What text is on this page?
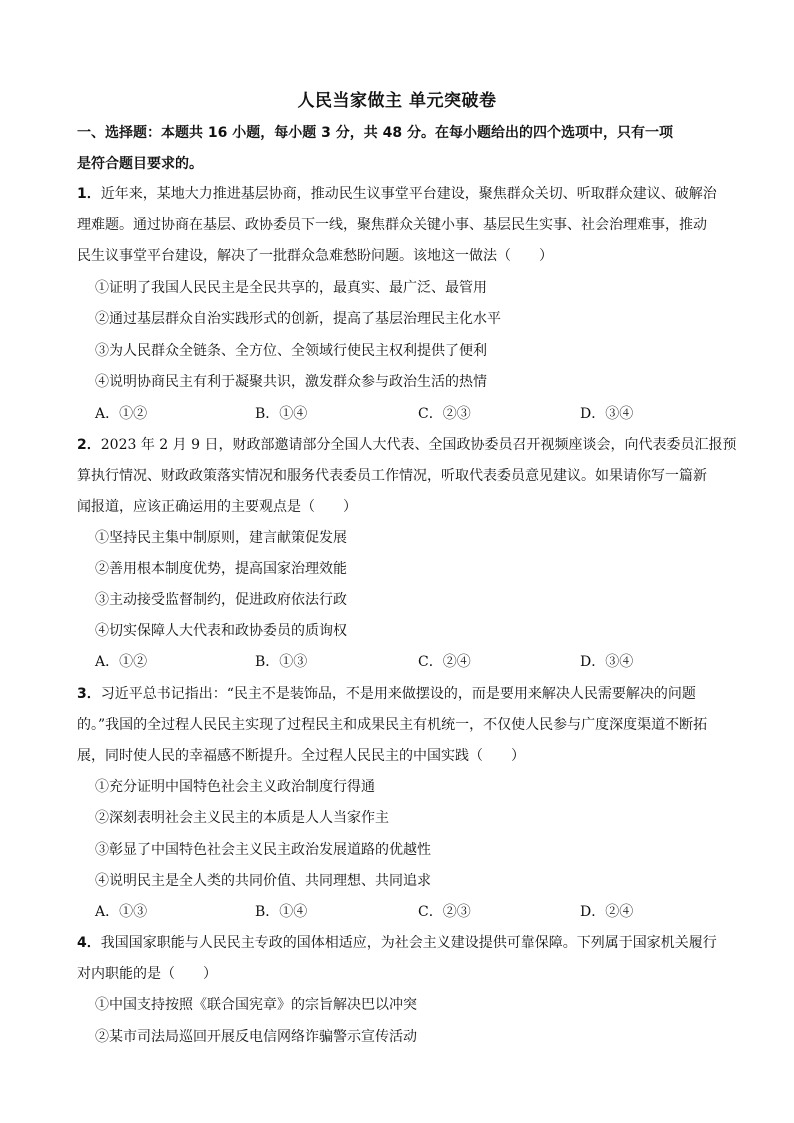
人民当家做主 单元突破卷
一、选择题：本题共 16 小题，每小题 3 分，共 48 分。在每小题给出的四个选项中，只有一项
是符合题目要求的。
1．近年来，某地大力推进基层协商，推动民生议事堂平台建设，聚焦群众关切、听取群众建议、破解治
理难题。通过协商在基层、政协委员下一线，聚焦群众关键小事、基层民生实事、社会治理难事，推动
民生议事堂平台建设，解决了一批群众急难愁盼问题。该地这一做法（　　）
①证明了我国人民民主是全民共享的，最真实、最广泛、最管用
②通过基层群众自治实践形式的创新，提高了基层治理民主化水平
③为人民群众全链条、全方位、全领域行使民主权利提供了便利
④说明协商民主有利于凝聚共识，激发群众参与政治生活的热情
A．①②	B．①④	C．②③	D．③④
2．2023 年 2 月 9 日，财政部邀请部分全国人大代表、全国政协委员召开视频座谈会，向代表委员汇报预
算执行情况、财政政策落实情况和服务代表委员工作情况，听取代表委员意见建议。如果请你写一篇新
闻报道，应该正确运用的主要观点是（　　）
①坚持民主集中制原则，建言献策促发展
②善用根本制度优势，提高国家治理效能
③主动接受监督制约，促进政府依法行政
④切实保障人大代表和政协委员的质询权
A．①②	B．①③	C．②④	D．③④
3．习近平总书记指出：“民主不是装饰品，不是用来做摆设的，而是要用来解决人民需要解决的问题
的。”我国的全过程人民民主实现了过程民主和成果民主有机统一，不仅使人民参与广度深度渠道不断拓
展，同时使人民的幸福感不断提升。全过程人民民主的中国实践（　　）
①充分证明中国特色社会主义政治制度行得通
②深刻表明社会主义民主的本质是人人当家作主
③彰显了中国特色社会主义民主政治发展道路的优越性
④说明民主是全人类的共同价值、共同理想、共同追求
A．①③	B．①④	C．②③	D．②④
4．我国国家职能与人民民主专政的国体相适应，为社会主义建设提供可靠保障。下列属于国家机关履行
对内职能的是（　　）
①中国支持按照《联合国宪章》的宗旨解决巴以冲突
②某市司法局巡回开展反电信网络诈骗警示宣传活动
